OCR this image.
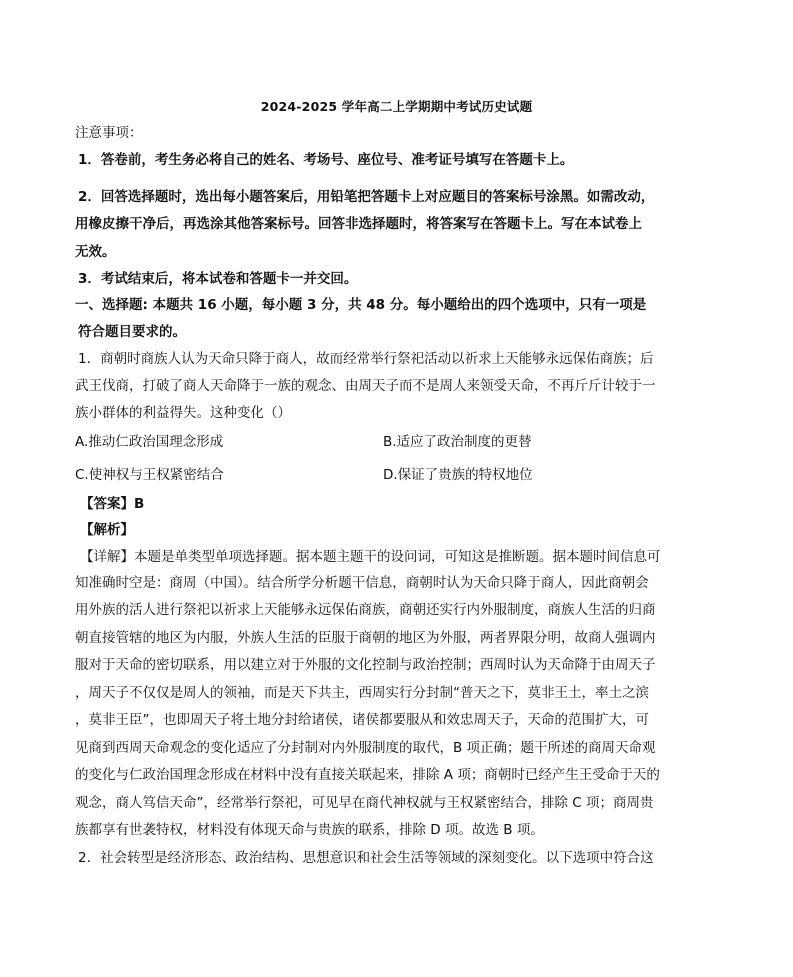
2024-2025 学年高二上学期期中考试历史试题
注意事项：
1．答卷前，考生务必将自己的姓名、考场号、座位号、准考证号填写在答题卡上。
2．回答选择题时，选出每小题答案后，用铅笔把答题卡上对应题目的答案标号涂黑。如需改动，
用橡皮擦干净后，再选涂其他答案标号。回答非选择题时，将答案写在答题卡上。写在本试卷上
无效。
3．考试结束后，将本试卷和答题卡一并交回。
一、选择题: 本题共 16 小题，每小题 3 分，共 48 分。每小题给出的四个选项中，只有一项是
符合题目要求的。
1．商朝时商族人认为天命只降于商人，故而经常举行祭祀活动以祈求上天能够永远保佑商族；后
武王伐商，打破了商人天命降于一族的观念、由周天子而不是周人来领受天命，不再斤斤计较于一
族小群体的利益得失。这种变化（）
A.推动仁政治国理念形成	B.适应了政治制度的更替
C.使神权与王权紧密结合	D.保证了贵族的特权地位
【答案】B
【解析】
【详解】本题是单类型单项选择题。据本题主题干的设问词，可知这是推断题。据本题时间信息可
知准确时空是：商周（中国）。结合所学分析题干信息，商朝时认为天命只降于商人，因此商朝会
用外族的活人进行祭祀以祈求上天能够永远保佑商族，商朝还实行内外服制度，商族人生活的归商
朝直接管辖的地区为内服，外族人生活的臣服于商朝的地区为外服，两者界限分明，故商人强调内
服对于天命的密切联系，用以建立对于外服的文化控制与政治控制；西周时认为天命降于由周天子
，周天子不仅仅是周人的领袖，而是天下共主，西周实行分封制“普天之下，莫非王土，率土之滨
，莫非王臣”，也即周天子将土地分封给诸侯，诸侯都要服从和效忠周天子，天命的范围扩大，可
见商到西周天命观念的变化适应了分封制对内外服制度的取代，B 项正确；题干所述的商周天命观
的变化与仁政治国理念形成在材料中没有直接关联起来，排除 A 项；商朝时已经产生王受命于天的
观念，商人笃信天命”，经常举行祭祀，可见早在商代神权就与王权紧密结合，排除 C 项；商周贵
族都享有世袭特权，材料没有体现天命与贵族的联系，排除 D 项。故选 B 项。
2．社会转型是经济形态、政治结构、思想意识和社会生活等领域的深刻变化。以下选项中符合这
